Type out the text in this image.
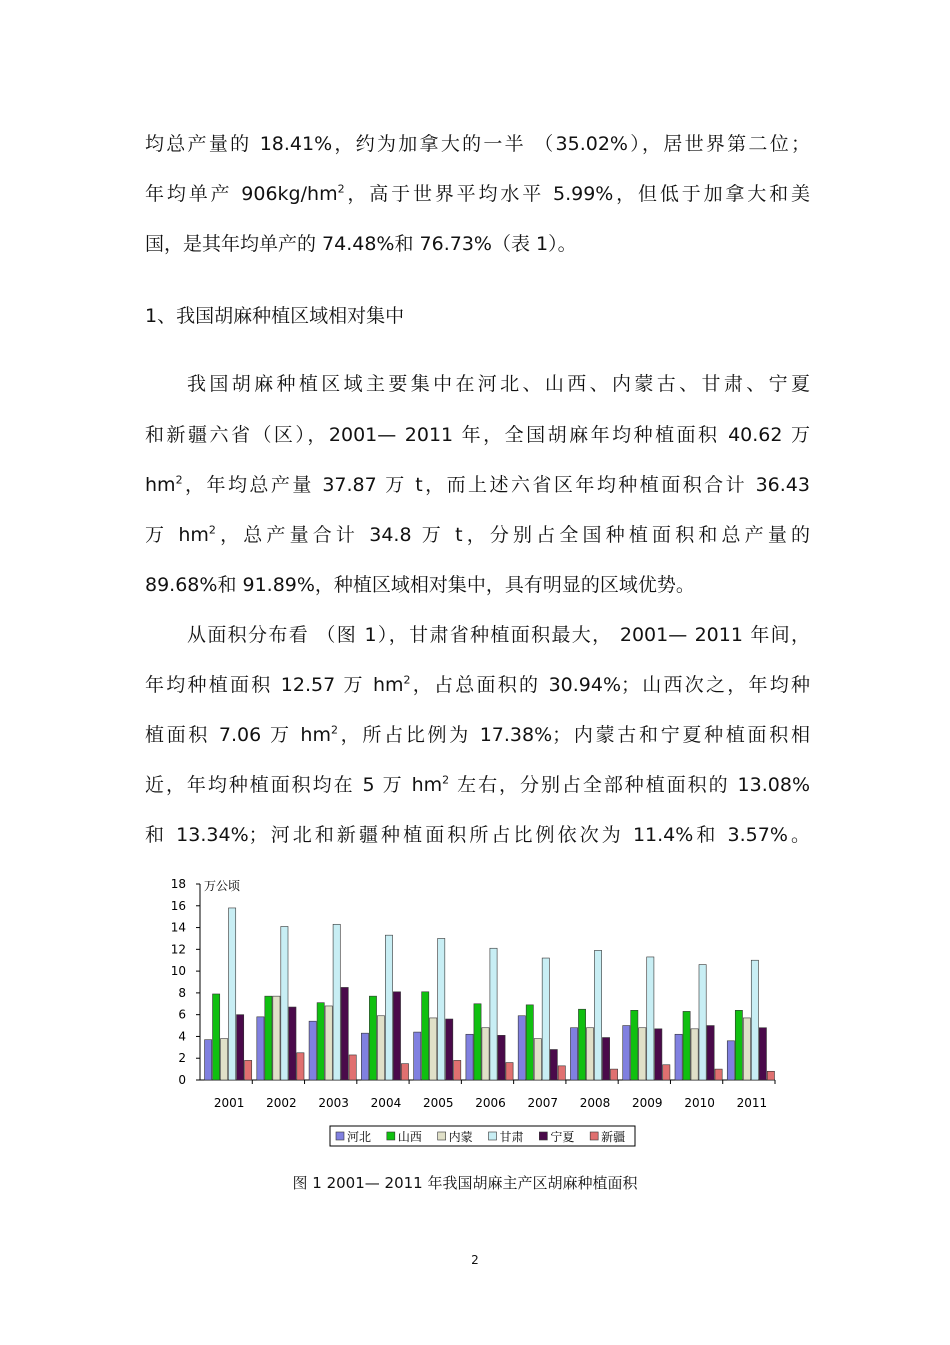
均总产量的 18.41%，约为加拿大的一半 （35.02%），居世界第二位；
年均单产 $906kg/hm^2$，高于世界平均水平 5.99%，但低于加拿大和美
国，是其年均单产的 74.48%和 76.73%（表 1）。
1、我国胡麻种植区域相对集中
我国胡麻种植区域主要集中在河北、山西、内蒙古、甘肃、宁夏
和新疆六省（区），2001— 2011 年，全国胡麻年均种植面积 40.62 万
$hm^2$，年均总产量 37.87 万 t，而上述六省区年均种植面积合计 36.43
万 $hm^2$，总产量合计 34.8 万 t，分别占全国种植面积和总产量的
89.68%和 91.89%，种植区域相对集中，具有明显的区域优势。
从面积分布看 （图 1），甘肃省种植面积最大， 2001— 2011 年间，
年均种植面积 12.57 万 $hm^2$，占总面积的 30.94%；山西次之，年均种
植面积 7.06 万 $hm^2$，所占比例为 17.38%；内蒙古和宁夏种植面积相
近，年均种植面积均在 5 万 $hm^2$ 左右，分别占全部种植面积的 13.08%
和 13.34%；河北和新疆种植面积所占比例依次为 11.4%和 3.57%。
0
2
4
6
8
10
12
14
16
18 万公顷
2001 2002 2003 2004 2005 2006 2007 2008 2009 2010 2011
河北 山西 内蒙 甘肃 宁夏 新疆
图 1 2001— 2011 年我国胡麻主产区胡麻种植面积
2
